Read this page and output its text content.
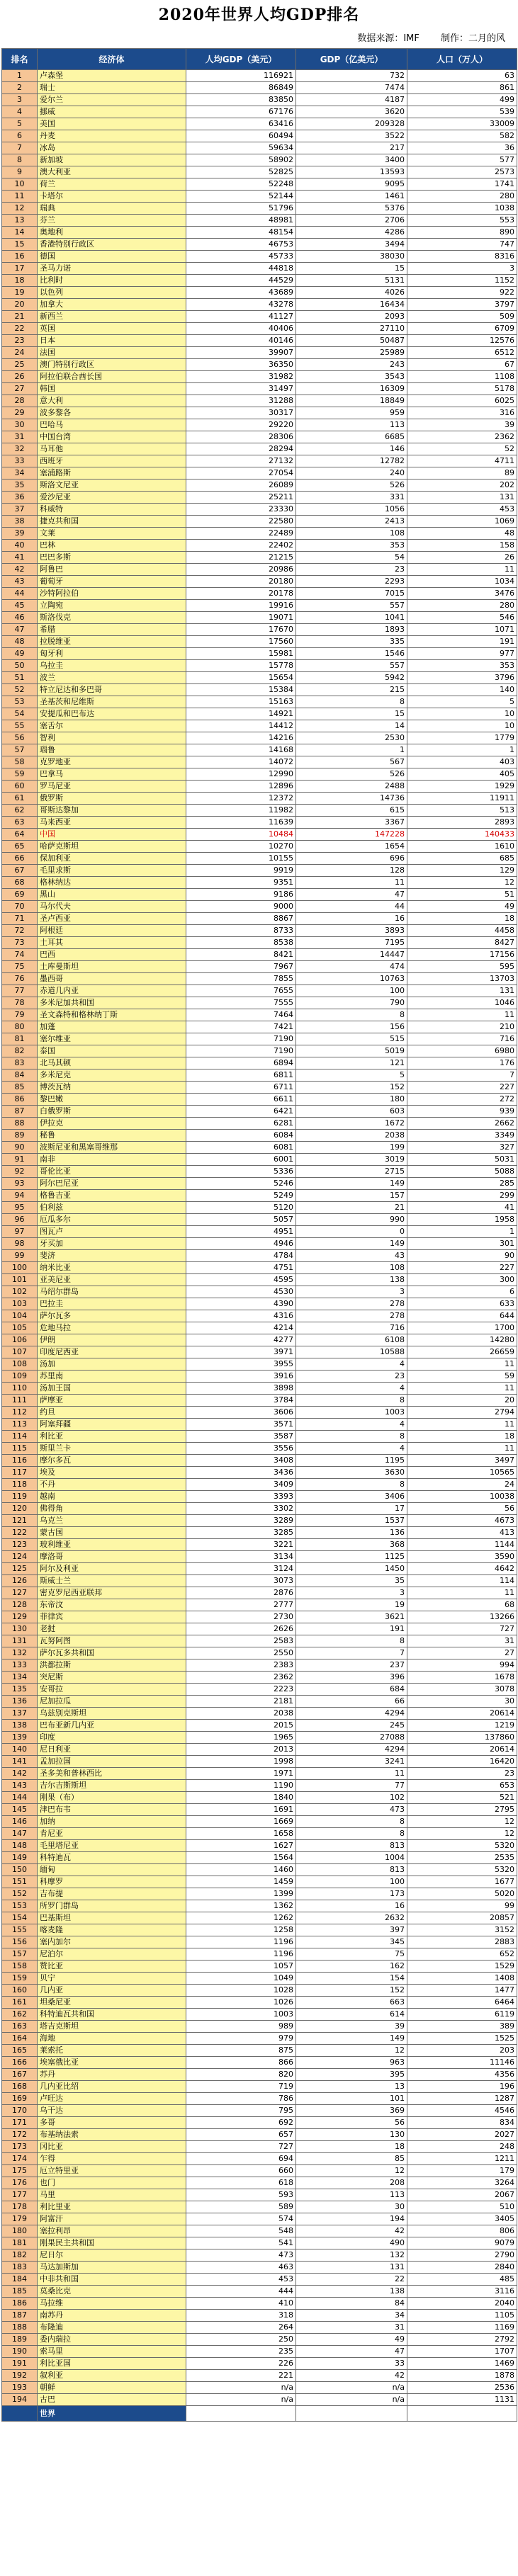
2020年世界人均GDP排名
数据来源：IMF 制作：二月的风
排名	经济体	人均GDP（美元）	GDP（亿美元）	人口（万人）
1	卢森堡	116921	732	63
2	瑞士	86849	7474	861
3	爱尔兰	83850	4187	499
4	挪威	67176	3620	539
5	美国	63416	209328	33009
6	丹麦	60494	3522	582
7	冰岛	59634	217	36
8	新加坡	58902	3400	577
9	澳大利亚	52825	13593	2573
10	荷兰	52248	9095	1741
11	卡塔尔	52144	1461	280
12	瑞典	51796	5376	1038
13	芬兰	48981	2706	553
14	奥地利	48154	4286	890
15	香港特别行政区	46753	3494	747
16	德国	45733	38030	8316
17	圣马力诺	44818	15	3
18	比利时	44529	5131	1152
19	以色列	43689	4026	922
20	加拿大	43278	16434	3797
21	新西兰	41127	2093	509
22	英国	40406	27110	6709
23	日本	40146	50487	12576
24	法国	39907	25989	6512
25	澳门特别行政区	36350	243	67
26	阿拉伯联合酋长国	31982	3543	1108
27	韩国	31497	16309	5178
28	意大利	31288	18849	6025
29	波多黎各	30317	959	316
30	巴哈马	29220	113	39
31	中国台湾	28306	6685	2362
32	马耳他	28294	146	52
33	西班牙	27132	12782	4711
34	塞浦路斯	27054	240	89
35	斯洛文尼亚	26089	526	202
36	爱沙尼亚	25211	331	131
37	科威特	23330	1056	453
38	捷克共和国	22580	2413	1069
39	文莱	22489	108	48
40	巴林	22402	353	158
41	巴巴多斯	21215	54	26
42	阿鲁巴	20986	23	11
43	葡萄牙	20180	2293	1034
44	沙特阿拉伯	20178	7015	3476
45	立陶宛	19916	557	280
46	斯洛伐克	19071	1041	546
47	希腊	17670	1893	1071
48	拉脱维亚	17560	335	191
49	匈牙利	15981	1546	977
50	乌拉圭	15778	557	353
51	波兰	15654	5942	3796
52	特立尼达和多巴哥	15384	215	140
53	圣基茨和尼维斯	15163	8	5
54	安提瓜和巴布达	14921	15	10
55	塞舌尔	14412	14	10
56	智利	14216	2530	1779
57	瑙鲁	14168	1	1
58	克罗地亚	14072	567	403
59	巴拿马	12990	526	405
60	罗马尼亚	12896	2488	1929
61	俄罗斯	12372	14736	11911
62	哥斯达黎加	11982	615	513
63	马来西亚	11639	3367	2893
64	中国	10484	147228	140433
65	哈萨克斯坦	10270	1654	1610
66	保加利亚	10155	696	685
67	毛里求斯	9919	128	129
68	格林纳达	9351	11	12
69	黑山	9186	47	51
70	马尔代夫	9000	44	49
71	圣卢西亚	8867	16	18
72	阿根廷	8733	3893	4458
73	土耳其	8538	7195	8427
74	巴西	8421	14447	17156
75	土库曼斯坦	7967	474	595
76	墨西哥	7855	10763	13703
77	赤道几内亚	7655	100	131
78	多米尼加共和国	7555	790	1046
79	圣文森特和格林纳丁斯	7464	8	11
80	加蓬	7421	156	210
81	塞尔维亚	7190	515	716
82	泰国	7190	5019	6980
83	北马其顿	6894	121	176
84	多米尼克	6811	5	7
85	博茨瓦纳	6711	152	227
86	黎巴嫩	6611	180	272
87	白俄罗斯	6421	603	939
88	伊拉克	6281	1672	2662
89	秘鲁	6084	2038	3349
90	波斯尼亚和黑塞哥维那	6081	199	327
91	南非	6001	3019	5031
92	哥伦比亚	5336	2715	5088
93	阿尔巴尼亚	5246	149	285
94	格鲁吉亚	5249	157	299
95	伯利兹	5120	21	41
96	厄瓜多尔	5057	990	1958
97	图瓦卢	4951	0	1
98	牙买加	4946	149	301
99	斐济	4784	43	90
100	纳米比亚	4751	108	227
101	亚美尼亚	4595	138	300
102	马绍尔群岛	4530	3	6
103	巴拉圭	4390	278	633
104	萨尔瓦多	4316	278	644
105	危地马拉	4214	716	1700
106	伊朗	4277	6108	14280
107	印度尼西亚	3971	10588	26659
108	汤加	3955	4	11
109	苏里南	3916	23	59
110	汤加王国	3898	4	11
111	萨摩亚	3784	8	20
112	约旦	3606	1003	2794
113	阿塞拜疆	3571	4	11
114	利比亚	3587	8	18
115	斯里兰卡	3556	4	11
116	摩尔多瓦	3408	1195	3497
117	埃及	3436	3630	10565
118	不丹	3409	8	24
119	越南	3393	3406	10038
120	佛得角	3302	17	56
121	乌克兰	3289	1537	4673
122	蒙古国	3285	136	413
123	玻利维亚	3221	368	1144
124	摩洛哥	3134	1125	3590
125	阿尔及利亚	3124	1450	4642
126	斯威士兰	3073	35	114
127	密克罗尼西亚联邦	2876	3	11
128	东帝汶	2777	19	68
129	菲律宾	2730	3621	13266
130	老挝	2626	191	727
131	瓦努阿图	2583	8	31
132	萨尔瓦多共和国	2550	7	27
133	洪都拉斯	2383	237	994
134	突尼斯	2362	396	1678
135	安哥拉	2223	684	3078
136	尼加拉瓜	2181	66	30
137	乌兹别克斯坦	2038	4294	20614
138	巴布亚新几内亚	2015	245	1219
139	印度	1965	27088	137860
140	尼日利亚	2013	4294	20614
141	孟加拉国	1998	3241	16420
142	圣多美和普林西比	1971	11	23
143	吉尔吉斯斯坦	1190	77	653
144	刚果（布）	1840	102	521
145	津巴布韦	1691	473	2795
146	加纳	1669	8	12
147	肯尼亚	1658	8	12
148	毛里塔尼亚	1627	813	5320
149	科特迪瓦	1564	1004	2535
150	缅甸	1460	813	5320
151	科摩罗	1459	100	1677
152	吉布提	1399	173	5020
153	所罗门群岛	1362	16	99
154	巴基斯坦	1262	2632	20857
155	喀麦隆	1258	397	3152
156	塞内加尔	1196	345	2883
157	尼泊尔	1196	75	652
158	赞比亚	1057	162	1529
159	贝宁	1049	154	1408
160	几内亚	1028	152	1477
161	坦桑尼亚	1026	663	6464
162	科特迪瓦共和国	1003	614	6119
163	塔吉克斯坦	989	39	389
164	海地	979	149	1525
165	莱索托	875	12	203
166	埃塞俄比亚	866	963	11146
167	苏丹	820	395	4356
168	几内亚比绍	719	13	196
169	卢旺达	786	101	1287
170	乌干达	795	369	4546
171	多哥	692	56	834
172	布基纳法索	657	130	2027
173	冈比亚	727	18	248
174	乍得	694	85	1211
175	厄立特里亚	660	12	179
176	也门	618	208	3264
177	马里	593	113	2067
178	利比里亚	589	30	510
179	阿富汗	574	194	3405
180	塞拉利昂	548	42	806
181	刚果民主共和国	541	490	9079
182	尼日尔	473	132	2790
183	马达加斯加	463	131	2840
184	中非共和国	453	22	485
185	莫桑比克	444	138	3116
186	马拉维	410	84	2040
187	南苏丹	318	34	1105
188	布隆迪	264	31	1169
189	委内瑞拉	250	49	2792
190	索马里	235	47	1707
191	利比亚国	226	33	1469
192	叙利亚	221	42	1878
193	朝鲜	n/a	n/a	2536
194	古巴	n/a	n/a	1131
	世界	11033	843377	766194
